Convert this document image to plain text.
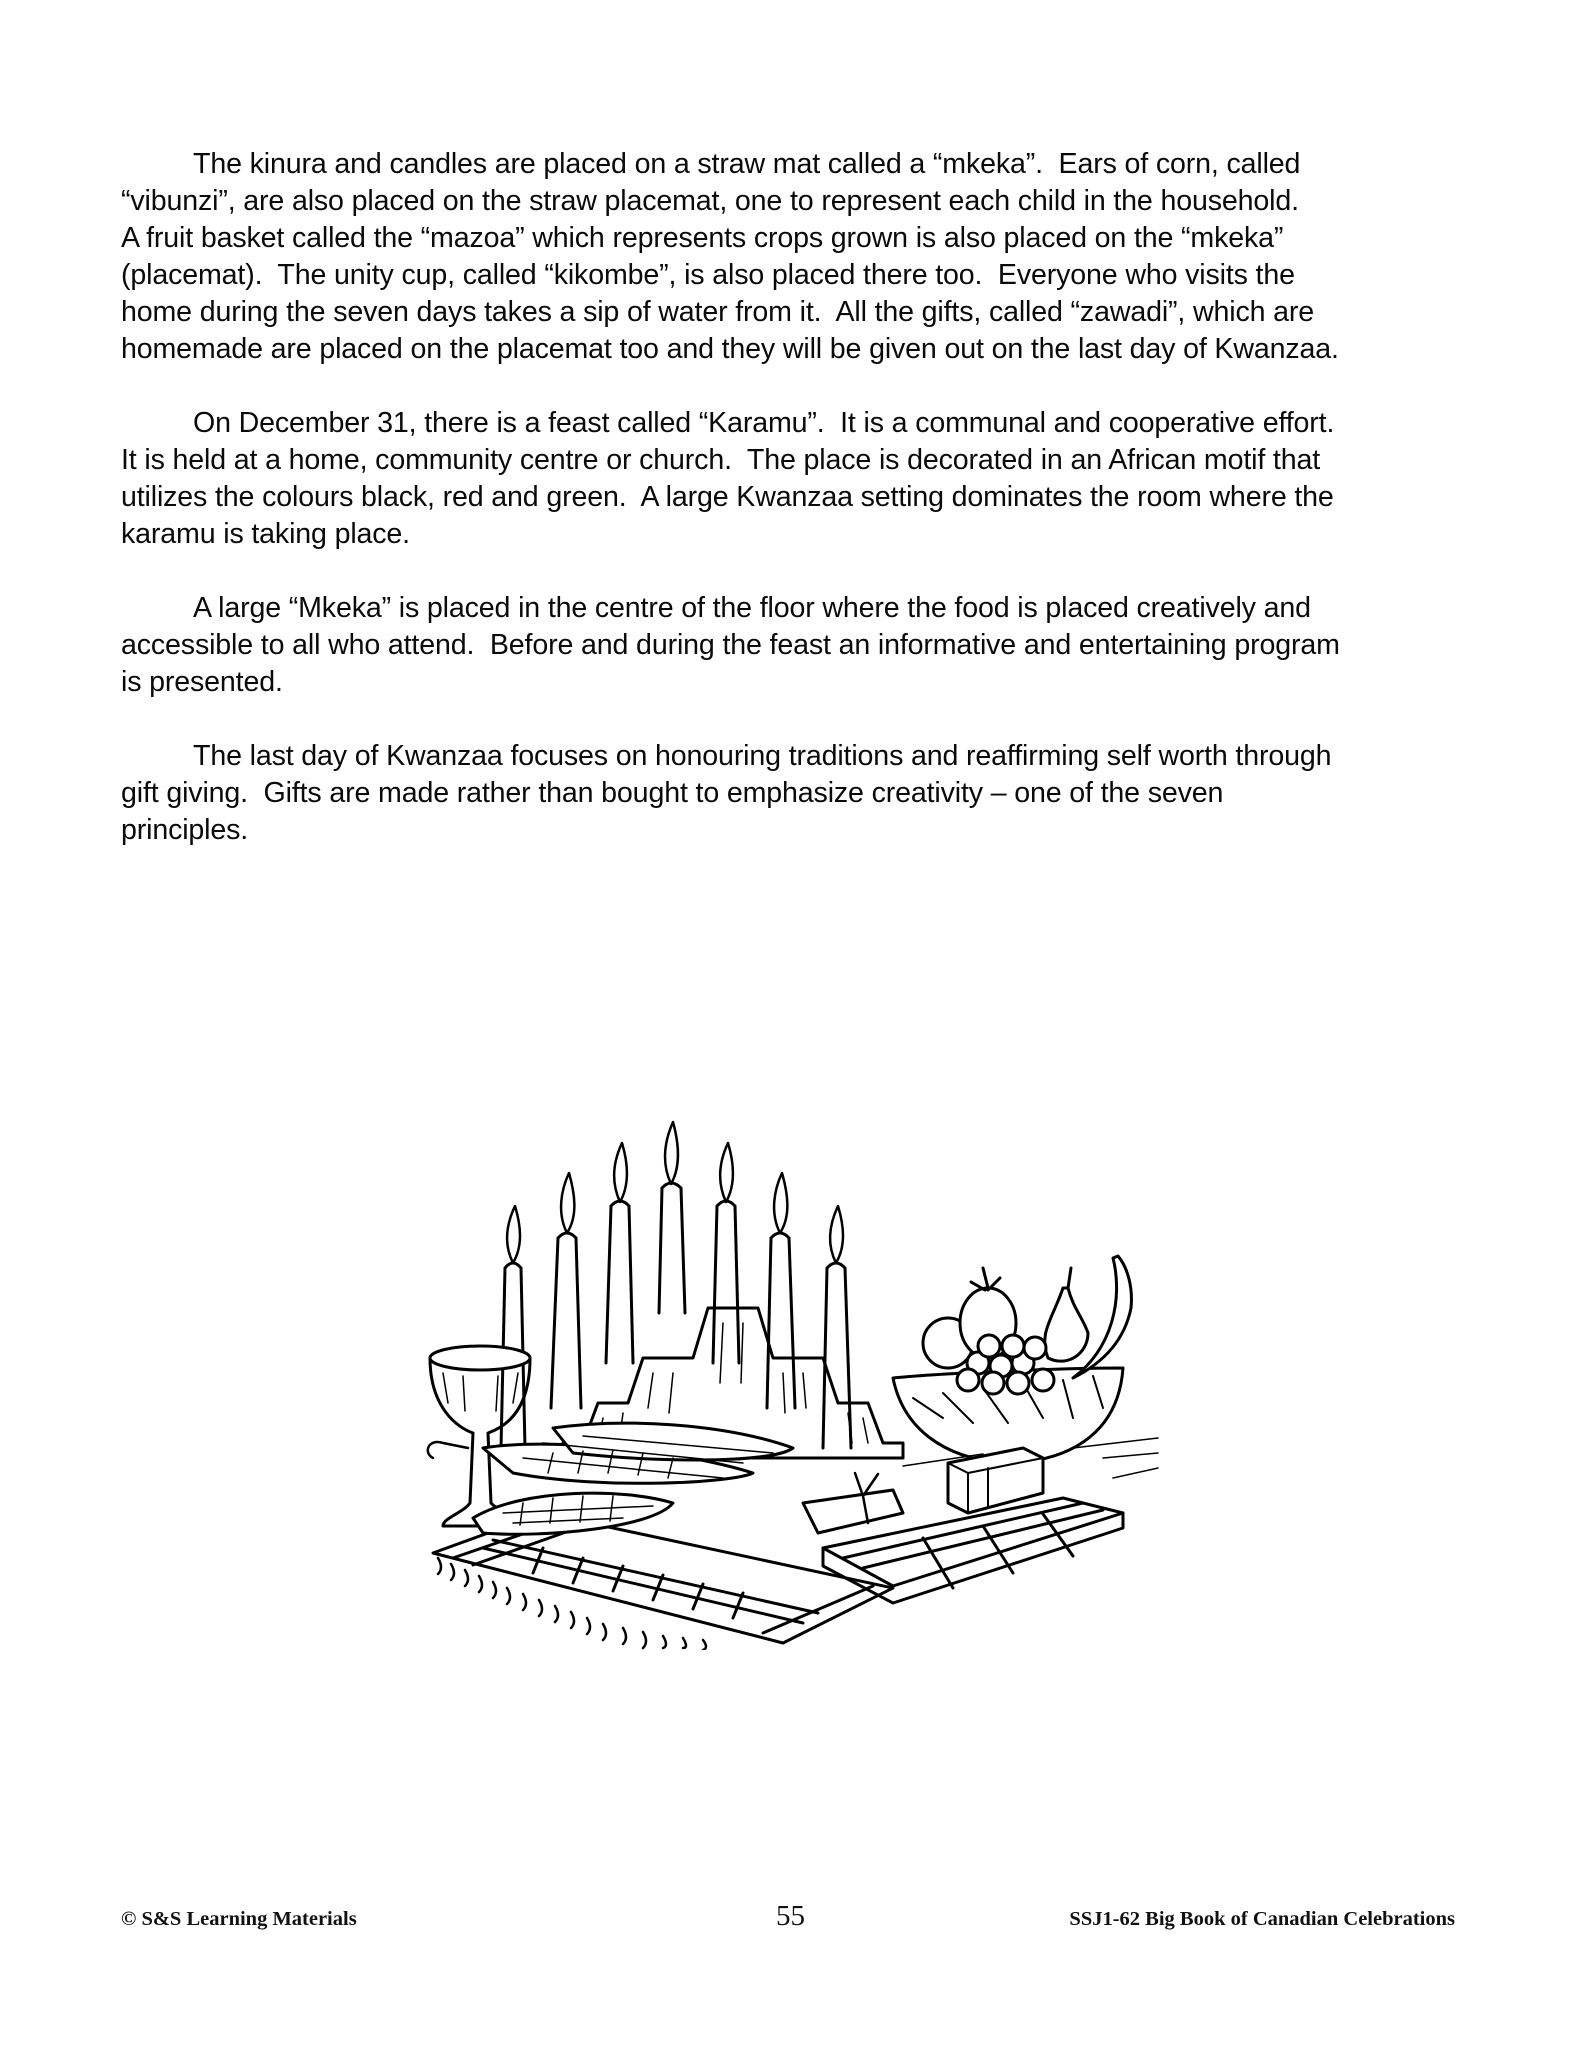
The kinura and candles are placed on a straw mat called a “mkeka”.  Ears of corn, called
“vibunzi”, are also placed on the straw placemat, one to represent each child in the household.
A fruit basket called the “mazoa” which represents crops grown is also placed on the “mkeka”
(placemat).  The unity cup, called “kikombe”, is also placed there too.  Everyone who visits the
home during the seven days takes a sip of water from it.  All the gifts, called “zawadi”, which are
homemade are placed on the placemat too and they will be given out on the last day of Kwanzaa.

On December 31, there is a feast called “Karamu”.  It is a communal and cooperative effort.
It is held at a home, community centre or church.  The place is decorated in an African motif that
utilizes the colours black, red and green.  A large Kwanzaa setting dominates the room where the
karamu is taking place.

A large “Mkeka” is placed in the centre of the floor where the food is placed creatively and
accessible to all who attend.  Before and during the feast an informative and entertaining program
is presented.

The last day of Kwanzaa focuses on honouring traditions and reaffirming self worth through
gift giving.  Gifts are made rather than bought to emphasize creativity – one of the seven
principles.

© S&S Learning Materials	55	SSJ1-62 Big Book of Canadian Celebrations
